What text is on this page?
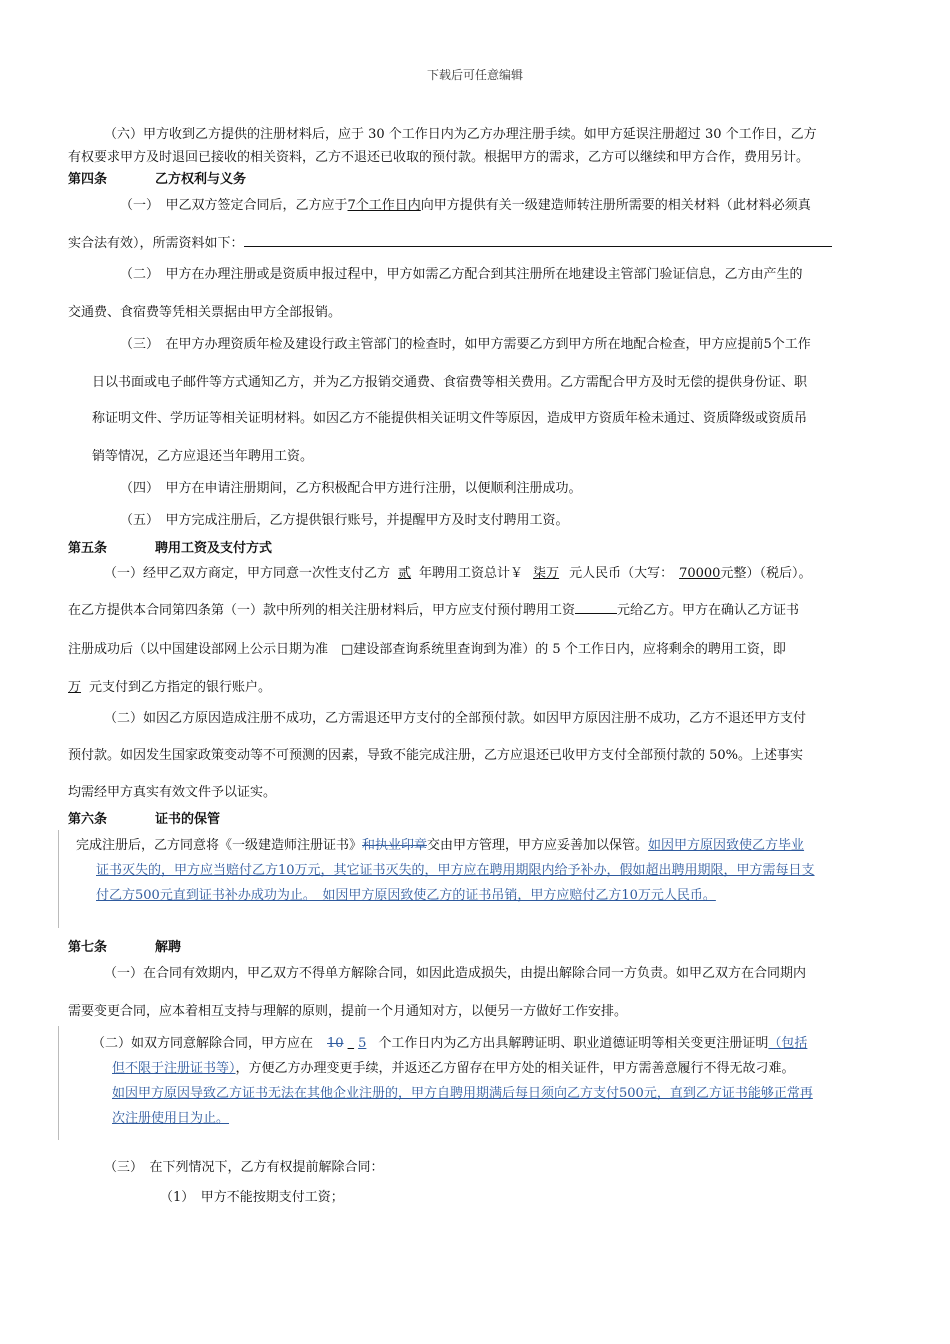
下载后可任意编辑
（六）甲方收到乙方提供的注册材料后，应于 30 个工作日内为乙方办理注册手续。如甲方延误注册超过 30 个工作日，乙方
有权要求甲方及时退回已接收的相关资料，乙方不退还已收取的预付款。根据甲方的需求，乙方可以继续和甲方合作，费用另计。
第四条	乙方权利与义务
（一）　甲乙双方签定合同后，乙方应于7个工作日内向甲方提供有关一级建造师转注册所需要的相关材料（此材料必须真
实合法有效），所需资料如下：
（二）　甲方在办理注册或是资质申报过程中，甲方如需乙方配合到其注册所在地建设主管部门验证信息，乙方由产生的
交通费、食宿费等凭相关票据由甲方全部报销。
（三）　在甲方办理资质年检及建设行政主管部门的检查时，如甲方需要乙方到甲方所在地配合检查，甲方应提前5个工作
日以书面或电子邮件等方式通知乙方，并为乙方报销交通费、食宿费等相关费用。乙方需配合甲方及时无偿的提供身份证、职
称证明文件、学历证等相关证明材料。如因乙方不能提供相关证明文件等原因，造成甲方资质年检未通过、资质降级或资质吊
销等情况，乙方应退还当年聘用工资。
（四）　甲方在申请注册期间，乙方积极配合甲方进行注册，以便顺利注册成功。
（五）　甲方完成注册后，乙方提供银行账号，并提醒甲方及时支付聘用工资。
第五条	聘用工资及支付方式
（一）经甲乙双方商定，甲方同意一次性支付乙方 贰 年聘用工资总计￥ 柒万 元人民币（大写： 70000元整）（税后）。
在乙方提供本合同第四条第（一）款中所列的相关注册材料后，甲方应支付预付聘用工资	元给乙方。甲方在确认乙方证书
注册成功后（以中国建设部网上公示日期为准　□建设部查询系统里查询到为准）的 5 个工作日内，应将剩余的聘用工资，即
万 元支付到乙方指定的银行账户。
（二）如因乙方原因造成注册不成功，乙方需退还甲方支付的全部预付款。如因甲方原因注册不成功，乙方不退还甲方支付
预付款。如因发生国家政策变动等不可预测的因素，导致不能完成注册，乙方应退还已收甲方支付全部预付款的 50%。上述事实
均需经甲方真实有效文件予以证实。
第六条	证书的保管
完成注册后，乙方同意将《一级建造师注册证书》和执业印章交由甲方管理，甲方应妥善加以保管。如因甲方原因致使乙方毕业
证书灭失的，甲方应当赔付乙方10万元，其它证书灭失的，甲方应在聘用期限内给予补办，假如超出聘用期限，甲方需每日支
付乙方500元直到证书补办成功为止。　如因甲方原因致使乙方的证书吊销，甲方应赔付乙方10万元人民币。
第七条	解聘
（一）在合同有效期内，甲乙双方不得单方解除合同，如因此造成损失，由提出解除合同一方负责。如甲乙双方在合同期内
需要变更合同，应本着相互支持与理解的原则，提前一个月通知对方，以便另一方做好工作安排。
（二）如双方同意解除合同，甲方应在 10  5 个工作日内为乙方出具解聘证明、职业道德证明等相关变更注册证明（包括
但不限于注册证书等），方便乙方办理变更手续，并返还乙方留存在甲方处的相关证件，甲方需善意履行不得无故刁难。
如因甲方原因导致乙方证书无法在其他企业注册的，甲方自聘用期满后每日须向乙方支付500元，直到乙方证书能够正常再
次注册使用日为止。
（三）　在下列情况下，乙方有权提前解除合同：
（1）　甲方不能按期支付工资；
